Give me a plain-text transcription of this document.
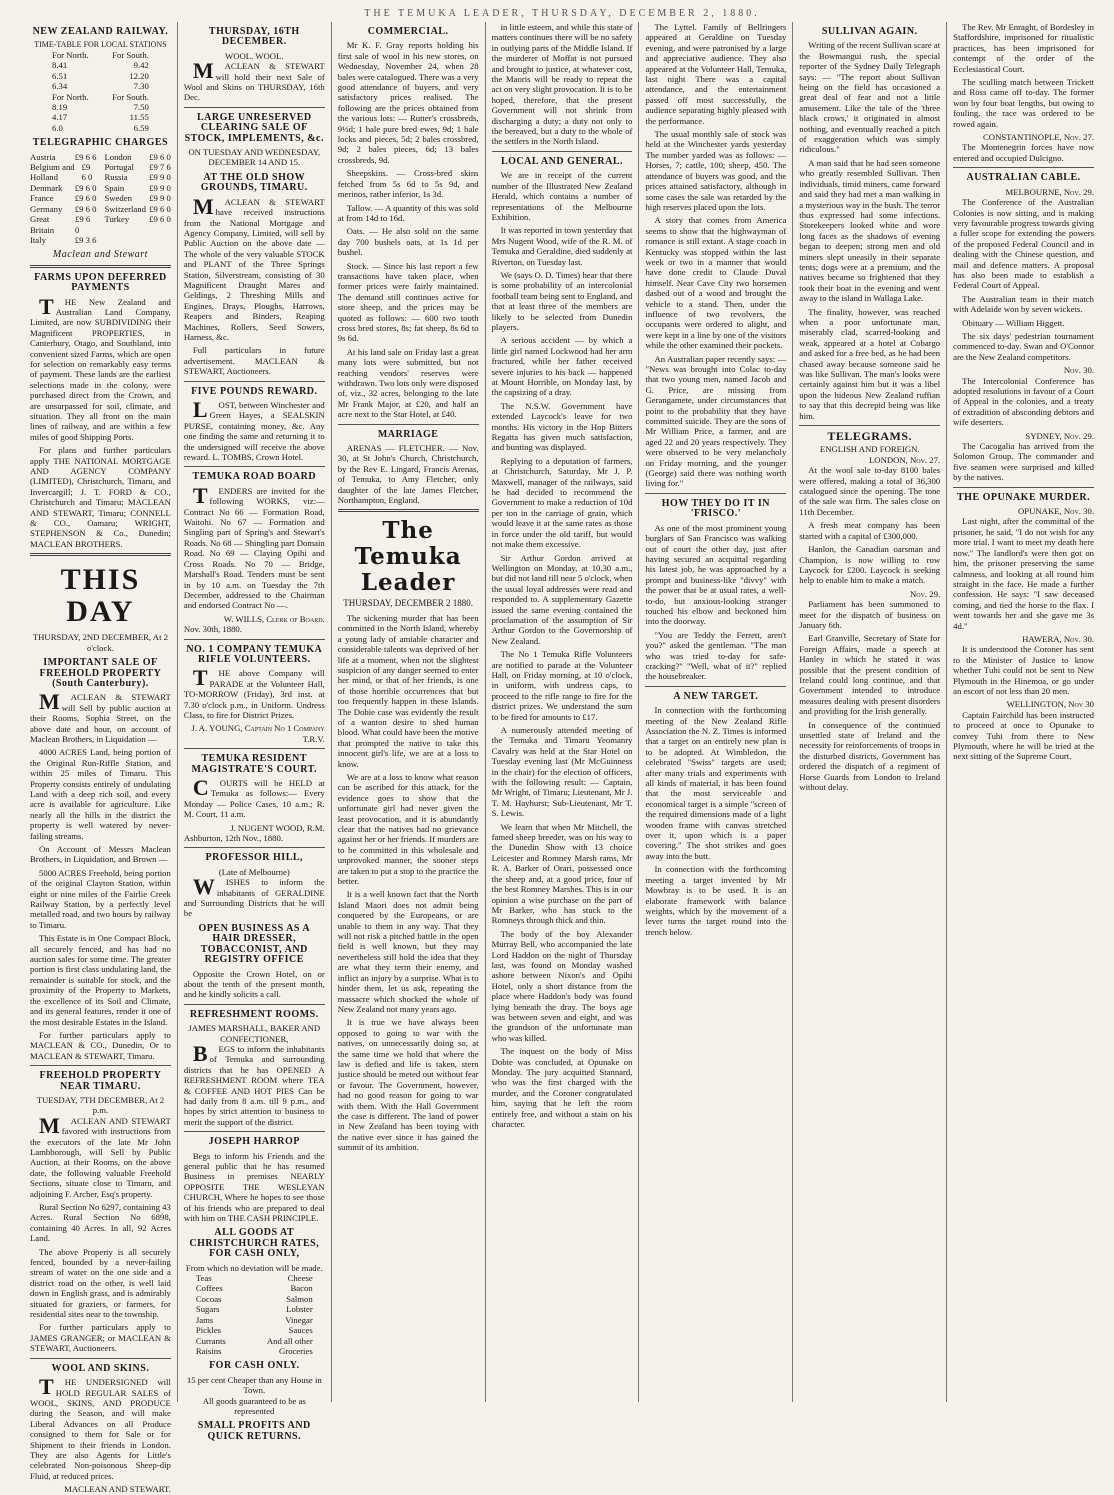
THE TEMUKA LEADER, THURSDAY, DECEMBER 2, 1880.
NEW ZEALAND RAILWAY.
TIME-TABLE FOR LOCAL STATIONS
For North.	For South.
8.41	9.42
6.51	12.20
6.34	7.30
For North.	For South.
8.19	7.50
4.17	11.55
6.0	6.59
TELEGRAPHIC CHARGES
Austria £9 6 6
Belgium and Holland
£9 6 0
Denmark £9 6 0
France £9 6 0
Germany £9 6 0
Great Britain
£9 6 0
Italy	£9 3 6
London £9 6 0
Portugal £9 7 6
Russia £9 9 0
Spain	£9 9 0
Sweden £9 9 0
Switzerland £9 6 0
Turkey £9 6 0
Maclean and Stewart
FARMS UPON DEFERRED PAYMENTS

THE New Zealand and Australian Land Company, Limited, are now SUBDIVIDING their Magnificent PROPERTIES, in Canterbury, Otago, and Southland, into convenient sized Farms, which are open for selection on remarkably easy terms of payment. These lands are the earliest selections made in the colony, were purchased direct from the Crown, and are unsurpassed for soil, climate, and situation. They all front on the main lines of railway, and are within a few miles of good Shipping Ports.

For plans and further particulars apply THE NATIONAL MORTGAGE AND AGENCY COMPANY (LIMITED), Christchurch, Timaru, and Invercargill; J. T. FORD & CO., Christchurch and Timaru; MACLEAN AND STEWART, Timaru; CONNELL & CO., Oamaru; WRIGHT, STEPHENSON & Co., Dunedin; MACLEAN BROTHERS.

THIS DAY
THURSDAY, 2ND DECEMBER, At 2 o'clock.
IMPORTANT SALE OF FREEHOLD PROPERTY (South Canterbury).

MACLEAN & STEWART will Sell by public auction at their Rooms, Sophia Street, on the above date and hour, on account of Maclean Brothers, in Liquidation —

4000 ACRES Land, being portion of the Original Run-Riffle Station, and within 25 miles of Timaru. This Property consists entirely of undulating Land with a deep rich soil, and every acre is available for agriculture. Like nearly all the hills in the district the property is well watered by never-failing streams.

On Account of Messrs Maclean Brothers, in Liquidation, and Brown —

5000 ACRES Freehold, being portion of the original Clayton Station, within eight or nine miles of the Fairlie Creek Railway Station, by a perfectly level metalled road, and two hours by railway to Timaru.

This Estate is in One Compact Block, all securely fenced, and has had no auction sales for some time. The greater portion is first class undulating land, the remainder is suitable for stock, and the proximity of the Property to Markets, the excellence of its Soil and Climate, and its general features, render it one of the most desirable Estates in the Island.

For further particulars apply to MACLEAN & CO., Dunedin, Or to MACLEAN & STEWART, Timaru.

FREEHOLD PROPERTY NEAR TIMARU.
TUESDAY, 7TH DECEMBER, At 2 p.m.

MACLEAN AND STEWART favored with instructions from the executors of the late Mr John Lambborough, will Sell by Public Auction, at their Rooms, on the above date, the following valuable Freehold Sections, situate close to Timaru, and adjoining F. Archer, Esq's property.

Rural Section No 6297, containing 43 Acres. Rural Section No 6898, containing 40 Acres. In all, 92 Acres Land.

The above Property is all securely fenced, bounded by a never-failing stream of water on the one side and a district road on the other, is well laid down in English grass, and is admirably situated for graziers, or farmers, for residential sites near to the township.

For further particulars apply to JAMES GRANGER; or MACLEAN & STEWART, Auctioneers.

WOOL AND SKINS.

THE UNDERSIGNED will HOLD REGULAR SALES of WOOL, SKINS, AND PRODUCE during the Season, and will make Liberal Advances on all Produce consigned to them for Sale or for Shipment to their friends in London. They are also Agents for Little's celebrated Non-poisonous Sheep-dip Fluid, at reduced prices.

MACLEAN AND STEWART.
THURSDAY, 16TH DECEMBER.
WOOL. WOOL.

MACLEAN & STEWART will hold their next Sale of Wool and Skins on THURSDAY, 16th Dec.

LARGE UNRESERVED CLEARING SALE OF STOCK, IMPLEMENTS, &c.
ON TUESDAY AND WEDNESDAY, DECEMBER 14 AND 15.
AT THE OLD SHOW GROUNDS, TIMARU.

MACLEAN & STEWART have received instructions from the National Mortgage and Agency Company, Limited, will sell by Public Auction on the above date — The whole of the very valuable STOCK and PLANT of the Three Springs Station, Silverstream, consisting of 30 Magnificent Draught Mares and Geldings, 2 Threshing Mills and Engines, Drays, Ploughs, Harrows, Reapers and Binders, Reaping Machines, Rollers, Seed Sowers, Harness, &c.

Full particulars in future advertisement. MACLEAN & STEWART, Auctioneers.

FIVE POUNDS REWARD.

LOST, between Winchester and Green Hayes, a SEALSKIN PURSE, containing money, &c. Any one finding the same and returning it to the undersigned will receive the above reward. L. TOMBS, Crown Hotel.

TEMUKA ROAD BOARD

TENDERS are invited for the following WORKS, viz:— Contract No 66 — Formation Road, Waitohi. No 67 — Formation and Singling part of Spring's and Stewart's Roads. No 68 — Shingling part Domain Road. No 69 — Claying Opihi and Cross Roads. No 70 — Bridge, Marshall's Road. Tenders must be sent in by 10 a.m. on Tuesday the 7th December, addressed to the Chairman and endorsed Contract No —.

W. WILLS, Clerk of Board.
Nov. 30th, 1880.
NO. 1 COMPANY TEMUKA RIFLE VOLUNTEERS.

THE above Company will PARADE at the Volunteer Hall, TO-MORROW (Friday), 3rd inst. at 7.30 o'clock p.m., in Uniform. Undress Class, to fire for District Prizes.

J. A. YOUNG, Captain No 1 Company T.R.V.
TEMUKA RESIDENT MAGISTRATE'S COURT.

COURTS will be HELD at Temuka as follows:— Every Monday — Police Cases, 10 a.m.; R. M. Court, 11 a.m.

J. NUGENT WOOD, R.M.
Ashburton, 12th Nov., 1880.
PROFESSOR HILL,
(Late of Melbourne)

WISHES to inform the inhabitants of GERALDINE and Surrounding Districts that he will be

OPEN BUSINESS AS A HAIR DRESSER, TOBACCONIST, AND REGISTRY OFFICE

Opposite the Crown Hotel, on or about the tenth of the present month, and he kindly solicits a call.

REFRESHMENT ROOMS.
JAMES MARSHALL, BAKER AND CONFECTIONER,

BEGS to inform the inhabitants of Temuka and surrounding districts that he has OPENED A REFRESHMENT ROOM where TEA & COFFEE AND HOT PIES Can be had daily from 8 a.m. till 9 p.m., and hopes by strict attention to business to merit the support of the district.

JOSEPH HARROP

Begs to inform his Friends and the general public that he has resumed Business in premises NEARLY OPPOSITE THE WESLEYAN CHURCH, Where he hopes to see those of his friends who are prepared to deal with him on THE CASH PRINCIPLE.

ALL GOODS AT CHRISTCHURCH RATES, FOR CASH ONLY,
From which no deviation will be made.
Teas	Cheese
Coffees	Bacon
Cocoas	Salmon
Sugars	Lobster
Jams	Vinegar
Pickles	Sauces
Currants	And all other
Raisins	Groceries
FOR CASH ONLY.
15 per cent Cheaper than any House in Town.
All goods guaranteed to be as represented
SMALL PROFITS AND QUICK RETURNS.
COMMERCIAL.

Mr K. F. Gray reports holding his first sale of wool in his new stores, on Wednesday, November 24, when 28 bales were catalogued. There was a very good attendance of buyers, and very satisfactory prices realised. The following are the prices obtained from the various lots: — Rutter's crossbreds, 9½d; 1 bale pure bred ewes, 9d; 1 bale locks and pieces, 5d; 2 bales crossbred, 9d; 2 bales pieces, 6d; 13 bales crossbreds, 9d.

Sheepskins. — Cross-bred skins fetched from 5s 6d to 5s 9d, and merinos, rather inferior, 1s 3d.

Tallow. — A quantity of this was sold at from 14d to 16d.

Oats. — He also sold on the same day 700 bushels oats, at 1s 1d per bushel.

Stock. — Since his last report a few transactions have taken place, when former prices were fairly maintained. The demand still continues active for store sheep, and the prices may be quoted as follows: — 600 two tooth cross bred stores, 8s; fat sheep, 8s 6d to 9s 6d.

At his land sale on Friday last a great many lots were submitted, but not reaching vendors' reserves were withdrawn. Two lots only were disposed of, viz., 32 acres, belonging to the late Mr Frank Major, at £20, and half an acre next to the Star Hotel, at £40.

MARRIAGE

ARENAS — FLETCHER. — Nov. 30, at St John's Church, Christchurch, by the Rev E. Lingard, Francis Arenas, of Temuka, to Amy Fletcher, only daughter of the late James Fletcher, Northampton, England.

The Temuka Leader
THURSDAY, DECEMBER 2 1880.

The sickening murder that has been committed in the North Island, whereby a young lady of amiable character and considerable talents was deprived of her life at a moment, when not the slightest suspicion of any danger seemed to enter her mind, or that of her friends, is one of those horrible occurrences that but too frequently happen in these Islands. The Dobie case was evidently the result of a wanton desire to shed human blood. What could have been the motive that prompted the native to take this innocent girl's life, we are at a loss to know.

We are at a loss to know what reason can be ascribed for this attack, for the evidence goes to show that the unfortunate girl had never given the least provocation, and it is abundantly clear that the natives had no grievance against her or her friends. If murders are to be committed in this wholesale and unprovoked manner, the sooner steps are taken to put a stop to the practice the better.

It is a well known fact that the North Island Maori does not admit being conquered by the Europeans, or are unable to them in any way. That they will not risk a pitched battle in the open field is well known, but they may nevertheless still hold the idea that they are what they term their enemy, and inflict an injury by a surprise. What is to hinder them, let us ask, repeating the massacre which shocked the whole of New Zealand not many years ago.

It is true we have always been opposed to going to war with the natives, on unnecessarily doing so, at the same time we hold that where the law is defied and life is taken, stern justice should be meted out without fear or favour. The Government, however, had no good reason for going to war with them. With the Hall Government the case is different. The land of power in New Zealand has been toying with the native ever since it has gained the summit of its ambition.

in little esteem, and while this state of matters continues there will be no safety in outlying parts of the Middle Island. If the murderer of Moffat is not pursued and brought to justice, at whatever cost, the Maoris will be ready to repeat the act on very slight provocation. It is to be hoped, therefore, that the present Government will not shrink from discharging a duty; a duty not only to the bereaved, but a duty to the whole of the settlers in the North Island.

LOCAL AND GENERAL.

We are in receipt of the current number of the Illustrated New Zealand Herald, which contains a number of representations of the Melbourne Exhibition.

It was reported in town yesterday that Mrs Nugent Wood, wife of the R. M. of Temuka and Geraldine, died suddenly at Riverton, on Tuesday last.

We (says O. D. Times) hear that there is some probability of an intercolonial football team being sent to England, and that at least three of the members are likely to be selected from Dunedin players.

A serious accident — by which a little girl named Lockwood had her arm fractured, while her father received severe injuries to his back — happened at Mount Horrible, on Monday last, by the capsizing of a dray.

The N.S.W. Government have extended Laycock's leave for two months. His victory in the Hop Bitters Regatta has given much satisfaction, and bunting was displayed.

Replying to a deputation of farmers, at Christchurch, Saturday, Mr J. P. Maxwell, manager of the railways, said he had decided to recommend the Government to make a reduction of 10d per ton in the carriage of grain, which would leave it at the same rates as those in force under the old tariff, but would not make them excessive.

Sir Arthur Gordon arrived at Wellington on Monday, at 10.30 a.m., but did not land till near 5 o'clock, when the usual loyal addresses were read and responded to. A supplementary Gazette issued the same evening contained the proclamation of the assumption of Sir Arthur Gordon to the Governorship of New Zealand.

The No 1 Temuka Rifle Volunteers are notified to parade at the Volunteer Hall, on Friday morning, at 10 o'clock, in uniform, with undress caps, to proceed to the rifle range to fire for the district prizes. We understand the sum to be fired for amounts to £17.

A numerously attended meeting of the Temuka and Timaru Yeomanry Cavalry was held at the Star Hotel on Tuesday evening last (Mr McGuinness in the chair) for the election of officers, with the following result: — Captain, Mr Wright, of Timaru; Lieutenant, Mr J. T. M. Hayhurst; Sub-Lieutenant, Mr T. S. Lewis.

We learn that when Mr Mitchell, the famed sheep breeder, was on his way to the Dunedin Show with 13 choice Leicester and Romney Marsh rams, Mr R. A. Barker of Orari, possessed once the sheep and, at a good price, four of the best Romney Marshes. This is in our opinion a wise purchase on the part of Mr Barker, who has stuck to the Romneys through thick and thin.

The body of the boy Alexander Murray Bell, who accompanied the late Lord Haddon on the night of Thursday last, was found on Monday washed ashore between Nixon's and Opihi Hotel, only a short distance from the place where Haddon's body was found lying beneath the dray. The boys age was between seven and eight, and was the grandson of the unfortunate man who was killed.

The inquest on the body of Miss Dobie was concluded, at Opunake on Monday. The jury acquitted Stannard, who was the first charged with the murder, and the Coroner congratulated him, saying that he left the room entirely free, and without a stain on his character.

The Lyttel. Family of Bellringers appeared at Geraldine on Tuesday evening, and were patronised by a large and appreciative audience. They also appeared at the Volunteer Hall, Temuka, last night There was a capital attendance, and the entertainment passed off most successfully, the audience separating highly pleased with the performance.

The usual monthly sale of stock was held at the Winchester yards yesterday The number yarded was as follows: — Horses, 7; cattle, 100; sheep, 450. The attendance of buyers was good, and the prices attained satisfactory, although in some cases the sale was retarded by the high reserves placed upon the lots.

A story that comes from America seems to show that the highwayman of romance is still extant. A stage coach in Kentucky was stopped within the last week or two in a manner that would have done credit to Claude Duval himself. Near Cave City two horsemen dashed out of a wood and brought the vehicle to a stand. Then, under the influence of two revolvers, the occupants were ordered to alight, and were kept in a line by one of the visitors while the other examined their pockets.

An Australian paper recently says: — "News was brought into Colac to-day that two young men, named Jacob and G. Price, are missing from Gerangamete, under circumstances that point to the probability that they have committed suicide. They are the sons of Mr William Price, a farmer, and are aged 22 and 20 years respectively. They were observed to be very melancholy on Friday morning, and the younger (George) said there was nothing worth living for."

HOW THEY DO IT IN 'FRISCO.'

As one of the most prominent young burglars of San Francisco was walking out of court the other day, just after having secured an acquittal regarding his latest job, he was approached by a prompt and business-like "divvy" with the power that be at usual rates, a well-to-do, but anxious-looking stranger touched his elbow and beckoned him into the doorway.

"You are Teddy the Ferrett, aren't you?" asked the gentleman. "The man who was tried to-day for safe-cracking?" "Well, what of it?" replied the housebreaker.

A NEW TARGET.

In connection with the forthcoming meeting of the New Zealand Rifle Association the N. Z. Times is informed that a target on an entirely new plan is to be adopted. At Wimbledon, the celebrated "Swiss" targets are used; after many trials and experiments with all kinds of material, it has been found that the most serviceable and economical target is a simple "screen of the required dimensions made of a light wooden frame with canvas stretched over it, upon which is a paper covering." The shot strikes and goes away into the butt.

In connection with the forthcoming meeting a target invented by Mr Mowbray is to be used. It is an elaborate framework with balance weights, which by the movement of a lever turns the target round into the trench below.

SULLIVAN AGAIN.

Writing of the recent Sullivan scare at the Bowmangui rush, the special reporter of the Sydney Daily Telegraph says: — "The report about Sullivan being on the field has occasioned a great deal of fear and not a little amusement. Like the tale of the 'three black crows,' it originated in almost nothing, and eventually reached a pitch of exaggeration which was simply ridiculous."

A man said that he had seen someone who greatly resembled Sullivan. Then individuals, timid miners, came forward and said they had met a man walking in a mysterious way in the bush. The terror thus expressed had some infections. Storekeepers looked white and wore long faces as the shadows of evening began to deepen; strong men and old miners slept uneasily in their separate tents; dogs were at a premium, and the natives became so frightened that they took their boat in the evening and went away to the island in Wallaga Lake.

The finality, however, was reached when a poor unfortunate man, miserably clad, scarred-looking and weak, appeared at a hotel at Cobargo and asked for a free bed, as he had been chased away because someone said he was like Sullivan. The man's looks were certainly against him but it was a libel upon the hideous New Zealand ruffian to say that this decrepid being was like him.

TELEGRAMS.
ENGLISH AND FOREIGN.
LONDON, Nov. 27.

At the wool sale to-day 8100 bales were offered, making a total of 36,300 catalogued since the opening. The tone of the sale was firm. The sales close on 11th December.

A fresh meat company has been started with a capital of £300,000.

Hanlon, the Canadian oarsman and Champion, is now willing to row Laycock for £200. Laycock is seeking help to enable him to make a match.

Nov. 29.

Parliament has been summoned to meet for the dispatch of business on January 6th.

Earl Granville, Secretary of State for Foreign Affairs, made a speech at Hanley in which he stated it was possible that the present condition of Ireland could long continue, and that Government intended to introduce measures dealing with present disorders and providing for the Irish generally.

In consequence of the continued unsettled state of Ireland and the necessity for reinforcements of troops in the disturbed districts, Government has ordered the dispatch of a regiment of Horse Guards from London to Ireland without delay.

The Rev. Mr Enraght, of Bordesley in Staffordshire, imprisoned for ritualistic practices, has been imprisoned for contempt of the order of the Ecclesiastical Court.

The sculling match between Trickett and Ross came off to-day. The former won by four boat lengths, but owing to fouling, the race was ordered to be rowed again.

CONSTANTINOPLE, Nov. 27.

The Montenegrin forces have now entered and occupied Dulcigno.

AUSTRALIAN CABLE.
MELBOURNE, Nov. 29.

The Conference of the Australian Colonies is now sitting, and is making very favourable progress towards giving a fuller scope for extending the powers of the proposed Federal Council and in dealing with the Chinese question, and mail and defence matters. A proposal has also been made to establish a Federal Court of Appeal.

The Australian team in their match with Adelaide won by seven wickets.

Obituary — William Higgett.

The six days' pedestrian tournament commenced to-day. Swan and O'Connor are the New Zealand competitors.

Nov. 30.

The Intercolonial Conference has adopted resolutions in favour of a Court of Appeal in the colonies, and a treaty of extradition of absconding debtors and wife deserters.

SYDNEY, Nov. 29.

The Cacogalia has arrived from the Solomon Group. The commander and five seamen were surprised and killed by the natives.

THE OPUNAKE MURDER.
OPUNAKE, Nov. 30.

Last night, after the committal of the prisoner, he said, "I do not wish for any more trial. I want to meet my death here now." The landlord's were then got on him, the prisoner preserving the same calmness, and looking at all round him straight in the face. He made a further confession. He says: "I saw deceased coming, and tied the horse to the flax. I went towards her and she gave me 3s 4d."

HAWERA, Nov. 30.

It is understood the Coroner has sent to the Minister of Justice to know whether Tuhi could not be sent to New Plymouth in the Hinemoa, or go under an escort of not less than 20 men.

WELLINGTON, Nov 30

Captain Fairchild has been instructed to proceed at once to Opunake to convey Tuhi from there to New Plymouth, where he will be tried at the next sitting of the Supreme Court.
